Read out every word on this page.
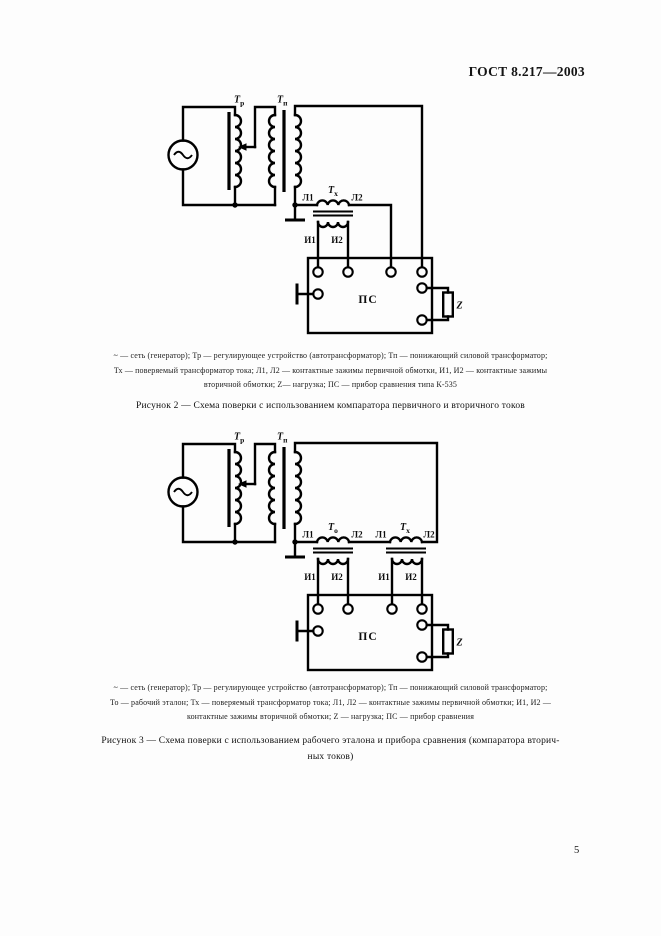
ГОСТ 8.217—2003
ПС	Z
$T_р$	$T_п$
$T_х$
Л1	Л2
И1 И2
~ — сеть (генератор); Тр — регулирующее устройство (автотрансформатор); Тп — понижающий силовой трансформатор;
Тх — поверяемый трансформатор тока; Л1, Л2 — контактные зажимы первичной обмотки, И1, И2 — контактные зажимы
вторичной обмотки; Z— нагрузка; ПС — прибор сравнения типа К-535
Рисунок 2 — Схема поверки с использованием компаратора первичного и вторичного токов
ПС	Z
$T_р$	$T_п$
$T_о$
Л1	Л2
И1 И2
$T_х$
Л1	Л2
И1 И2
~ — сеть (генератор); Тр — регулирующее устройство (автотрансформатор); Тп — понижающий силовой трансформатор;
То — рабочий эталон; Тх — поверяемый трансформатор тока; Л1, Л2 — контактные зажимы первичной обмотки; И1, И2 —
контактные зажимы вторичной обмотки; Z — нагрузка; ПС — прибор сравнения
Рисунок 3 — Схема поверки с использованием рабочего эталона и прибора сравнения (компаратора вторич-
ных токов)
5
